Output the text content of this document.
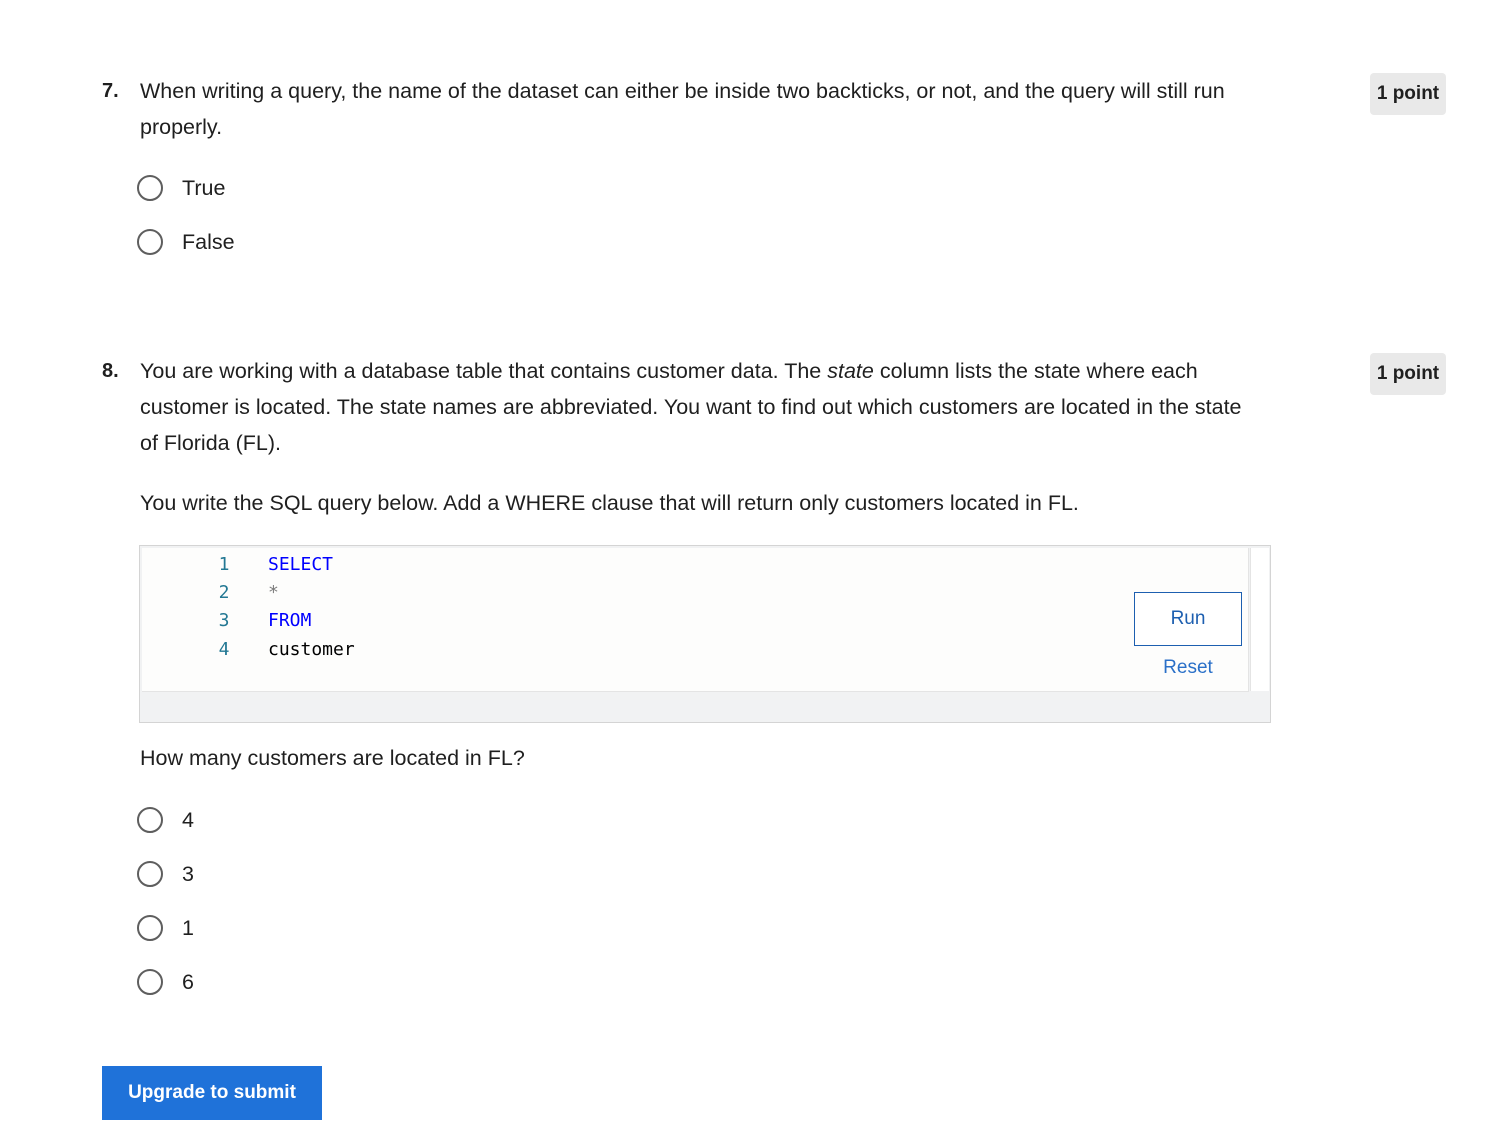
7. When writing a query, the name of the dataset can either be inside two backticks, or not, and the query will still run properly.
1 point
True
False
8. You are working with a database table that contains customer data. The state column lists the state where each customer is located. The state names are abbreviated. You want to find out which customers are located in the state of Florida (FL).
1 point
You write the SQL query below. Add a WHERE clause that will return only customers located in FL.
1 SELECT
2 *
3 FROM
4 customer
Run
Reset
How many customers are located in FL?
4
3
1
6
Upgrade to submit
